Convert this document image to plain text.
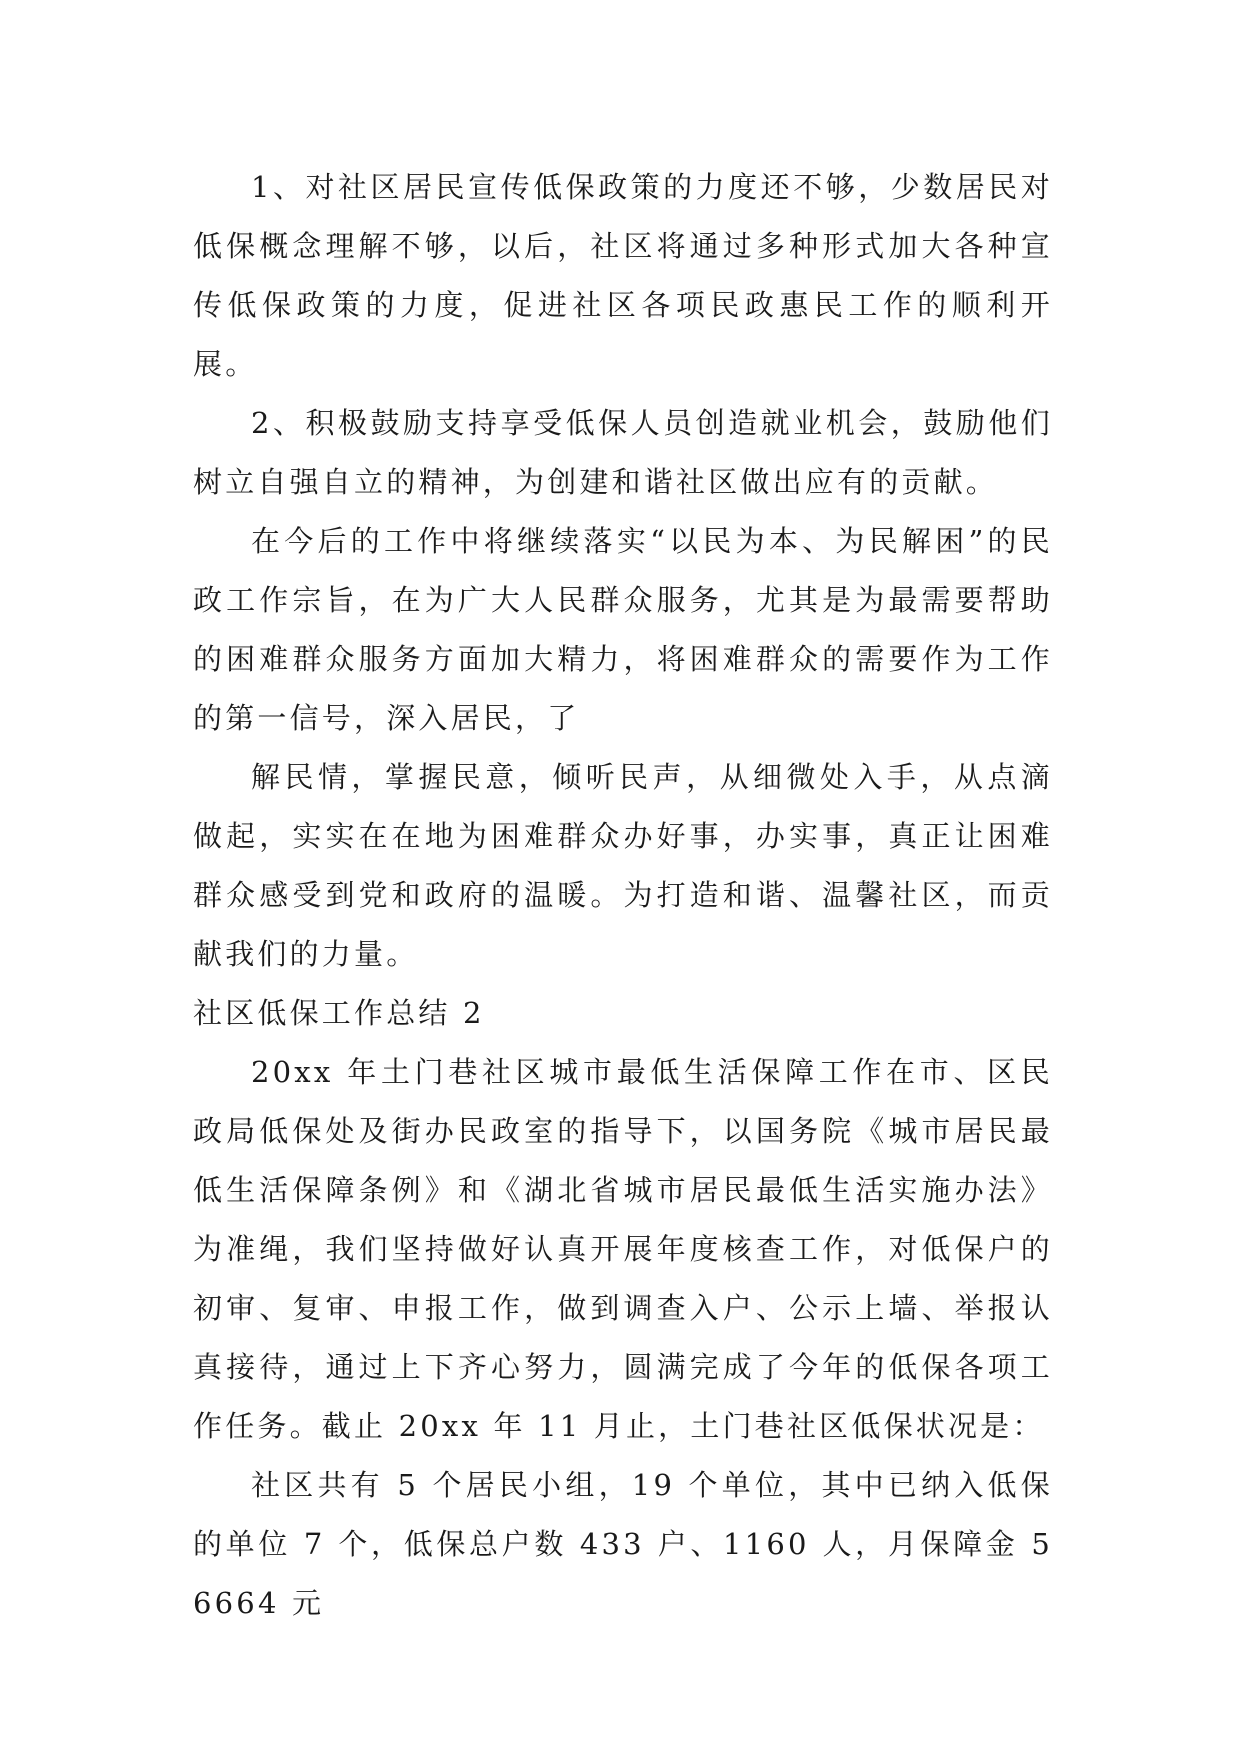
1、对社区居民宣传低保政策的力度还不够，少数居民对低保概念理解不够，以后，社区将通过多种形式加大各种宣传低保政策的力度，促进社区各项民政惠民工作的顺利开展。

2、积极鼓励支持享受低保人员创造就业机会，鼓励他们树立自强自立的精神，为创建和谐社区做出应有的贡献。

在今后的工作中将继续落实“以民为本、为民解困”的民政工作宗旨，在为广大人民群众服务，尤其是为最需要帮助的困难群众服务方面加大精力，将困难群众的需要作为工作的第一信号，深入居民，了

解民情，掌握民意，倾听民声，从细微处入手，从点滴做起，实实在在地为困难群众办好事，办实事，真正让困难群众感受到党和政府的温暖。为打造和谐、温馨社区，而贡献我们的力量。

社区低保工作总结 2

20xx 年土门巷社区城市最低生活保障工作在市、区民政局低保处及街办民政室的指导下，以国务院《城市居民最低生活保障条例》和《湖北省城市居民最低生活实施办法》为准绳，我们坚持做好认真开展年度核查工作，对低保户的初审、复审、申报工作，做到调查入户、公示上墙、举报认真接待，通过上下齐心努力，圆满完成了今年的低保各项工作任务。截止 20xx 年 11 月止，土门巷社区低保状况是：

社区共有 5 个居民小组，19 个单位，其中已纳入低保的单位 7 个，低保总户数 433 户、1160 人，月保障金 56664 元
